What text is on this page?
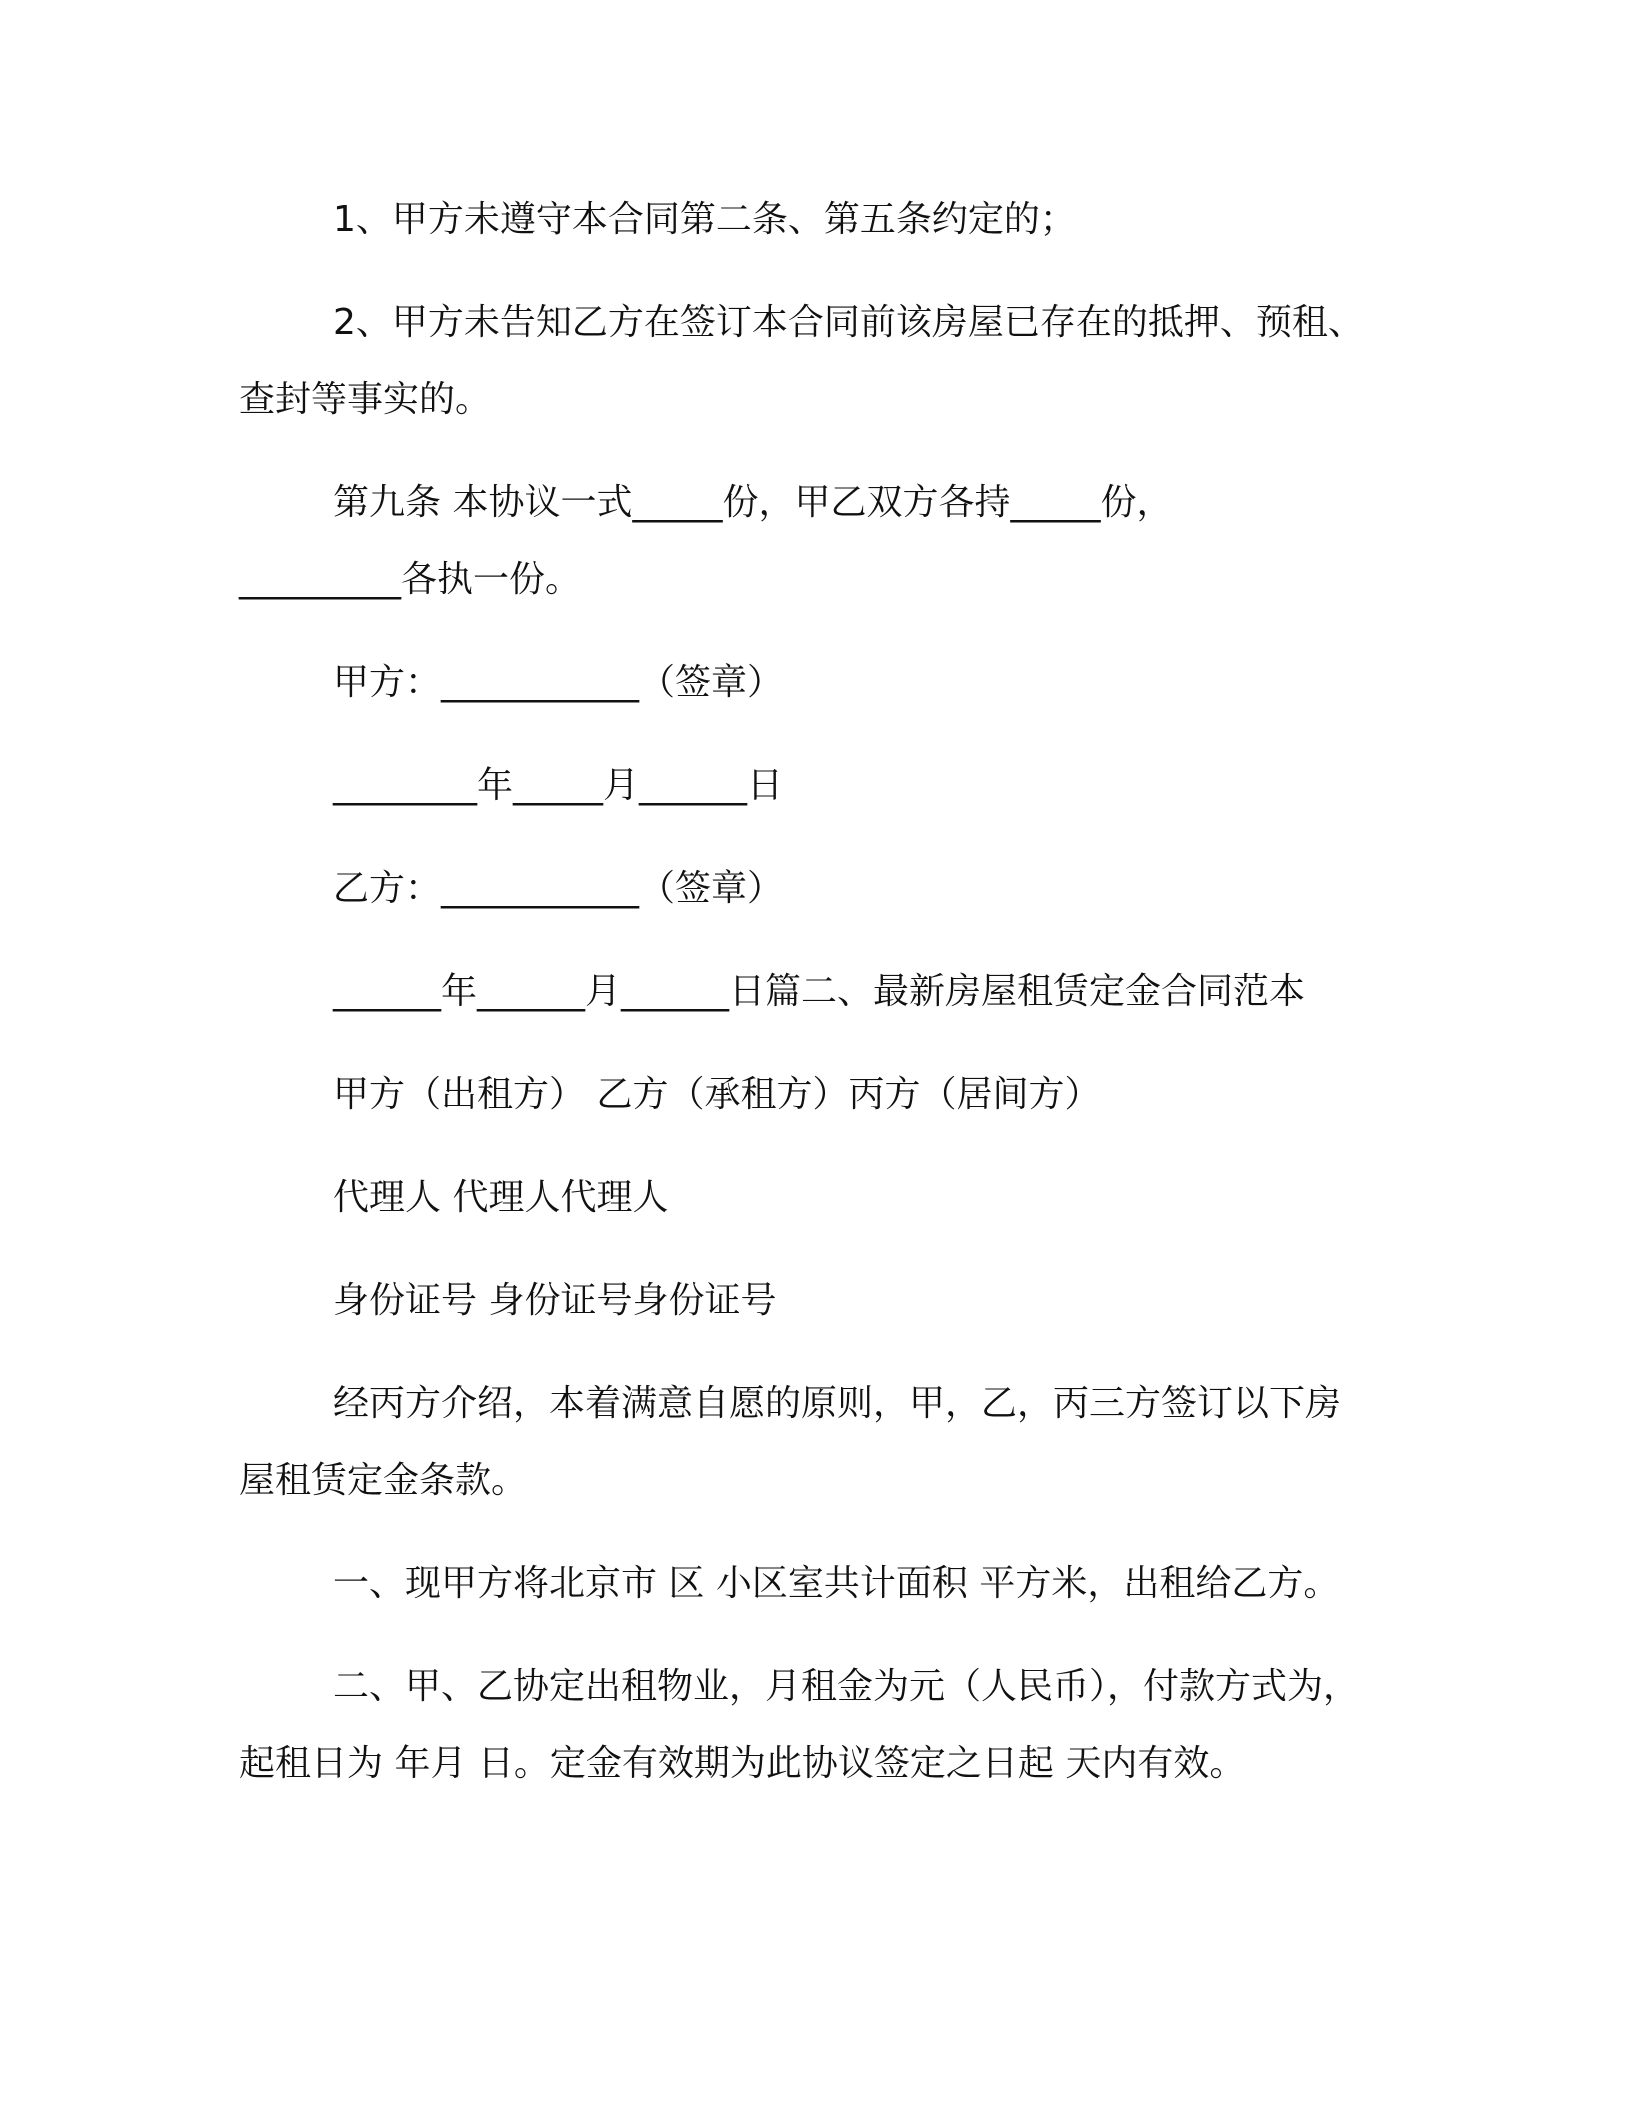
1、甲方未遵守本合同第二条、第五条约定的；
2、甲方未告知乙方在签订本合同前该房屋已存在的抵押、预租、
查封等事实的。
第九条 本协议一式_____份，甲乙双方各持_____份，
_________各执一份。
甲方：___________（签章）
________年_____月______日
乙方：___________（签章）
______年______月______日篇二、最新房屋租赁定金合同范本
甲方（出租方） 乙方（承租方）丙方（居间方）
代理人 代理人代理人
身份证号 身份证号身份证号
经丙方介绍，本着满意自愿的原则，甲，乙，丙三方签订以下房
屋租赁定金条款。
一、现甲方将北京市 区 小区室共计面积 平方米，出租给乙方。
二、甲、乙协定出租物业，月租金为元（人民币），付款方式为，
起租日为 年月 日。定金有效期为此协议签定之日起 天内有效。
